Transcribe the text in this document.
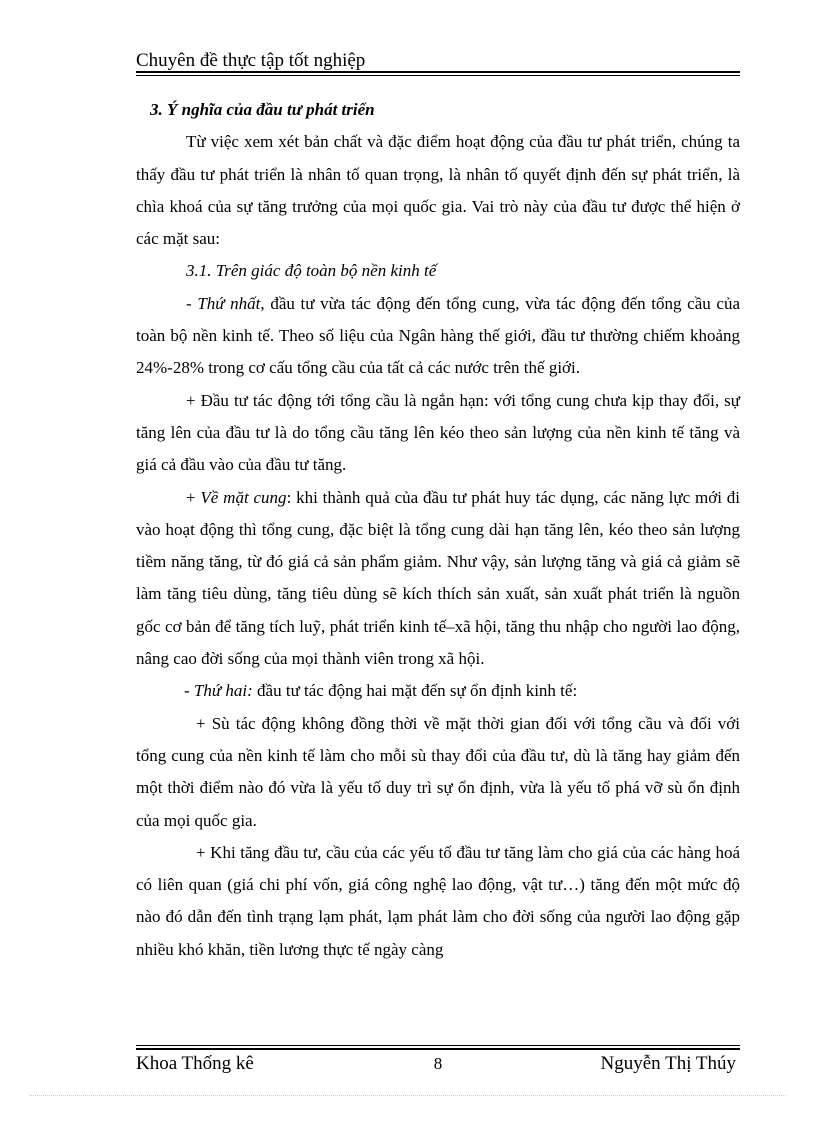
Chuyên đề thực tập tốt nghiệp

3. Ý nghĩa của đầu tư phát triển

Từ việc xem xét bản chất và đặc điểm hoạt động của đầu tư phát triển, chúng ta thấy đầu tư phát triển là nhân tố quan trọng, là nhân tố quyết định đến sự phát triển, là chìa khoá của sự tăng trưởng của mọi quốc gia. Vai trò này của đầu tư được thể hiện ở các mặt sau:

3.1. Trên giác độ toàn bộ nền kinh tế

- Thứ nhất, đầu tư vừa tác động đến tổng cung, vừa tác động đến tổng cầu của toàn bộ nền kinh tế. Theo số liệu của Ngân hàng thế giới, đầu tư thường chiếm khoảng 24%-28% trong cơ cấu tổng cầu của tất cả các nước trên thế giới.

+ Đầu tư tác động tới tổng cầu là ngắn hạn: với tổng cung chưa kịp thay đổi, sự tăng lên của đầu tư là do tổng cầu tăng lên kéo theo sản lượng của nền kinh tế tăng và giá cả đầu vào của đầu tư tăng.

+ Về mặt cung: khi thành quả của đầu tư phát huy tác dụng, các năng lực mới đi vào hoạt động thì tổng cung, đặc biệt là tổng cung dài hạn tăng lên, kéo theo sản lượng tiềm năng tăng, từ đó giá cả sản phẩm giảm. Như vậy, sản lượng tăng và giá cả giảm sẽ làm tăng tiêu dùng, tăng tiêu dùng sẽ kích thích sản xuất, sản xuất phát triển là nguồn gốc cơ bản để tăng tích luỹ, phát triển kinh tế–xã hội, tăng thu nhập cho người lao động, nâng cao đời sống của mọi thành viên trong xã hội.

- Thứ hai: đầu tư tác động hai mặt đến sự ổn định kinh tế:

+ Sù tác động không đồng thời về mặt thời gian đối với tổng cầu và đối với tổng cung của nền kinh tế làm cho mỗi sù thay đổi của đầu tư, dù là tăng hay giảm đến một thời điểm nào đó vừa là yếu tố duy trì sự ổn định, vừa là yếu tố phá vỡ sù ổn định của mọi quốc gia.

+ Khi tăng đầu tư, cầu của các yếu tố đầu tư tăng làm cho giá của các hàng hoá có liên quan (giá chi phí vốn, giá công nghệ lao động, vật tư…) tăng đến một mức độ nào đó dẫn đến tình trạng lạm phát, lạm phát làm cho đời sống của người lao động gặp nhiều khó khăn, tiền lương thực tế ngày càng

Khoa Thống kê	8	Nguyễn Thị Thúy
